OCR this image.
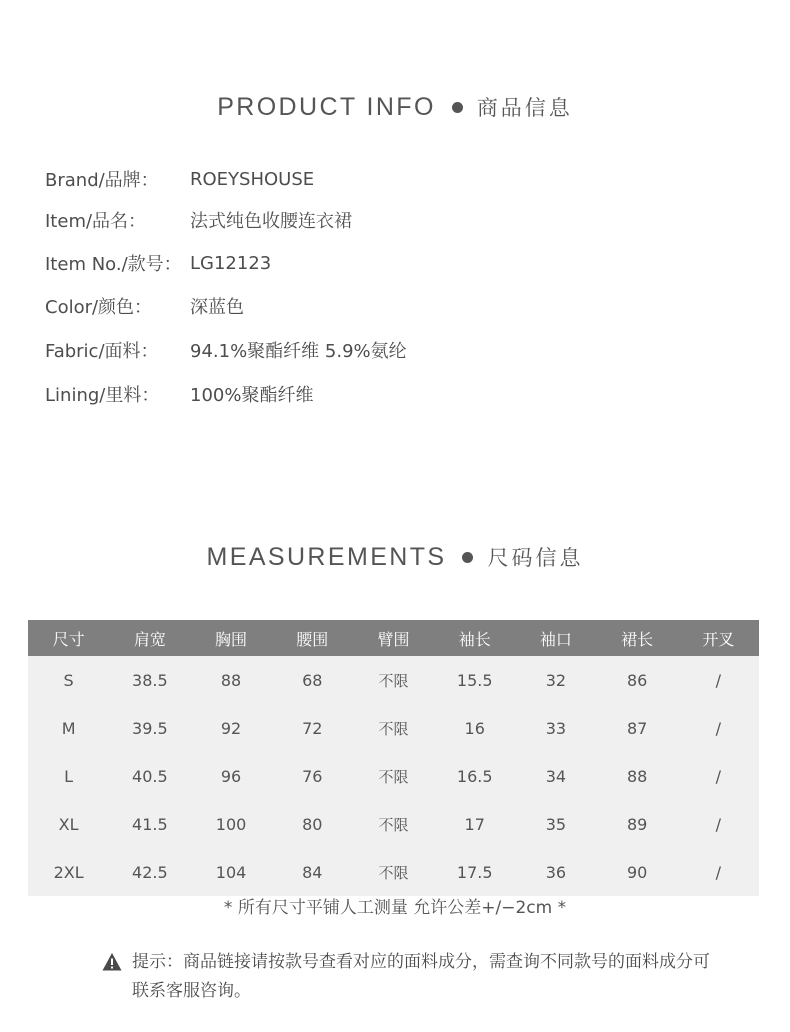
PRODUCT INFO 商品信息
Brand/品牌：	ROEYSHOUSE
Item/品名：	法式纯色收腰连衣裙
Item No./款号： LG12123
Color/颜色：	深蓝色
Fabric/面料：	94.1%聚酯纤维 5.9%氨纶
Lining/里料：	100%聚酯纤维
MEASUREMENTS 尺码信息
尺寸	肩宽	胸围	腰围	臂围	袖长	袖口	裙长	开叉
S	38.5	88	68	不限	15.5	32	86	/
M	39.5	92	72	不限	16	33	87	/
L	40.5	96	76	不限	16.5	34	88	/
XL	41.5	100	80	不限	17	35	89	/
2XL	42.5	104	84	不限	17.5	36	90	/
* 所有尺寸平铺人工测量 允许公差+/−2cm *
提示：商品链接请按款号查看对应的面料成分，需查询不同款号的面料成分可联系客服咨询。
